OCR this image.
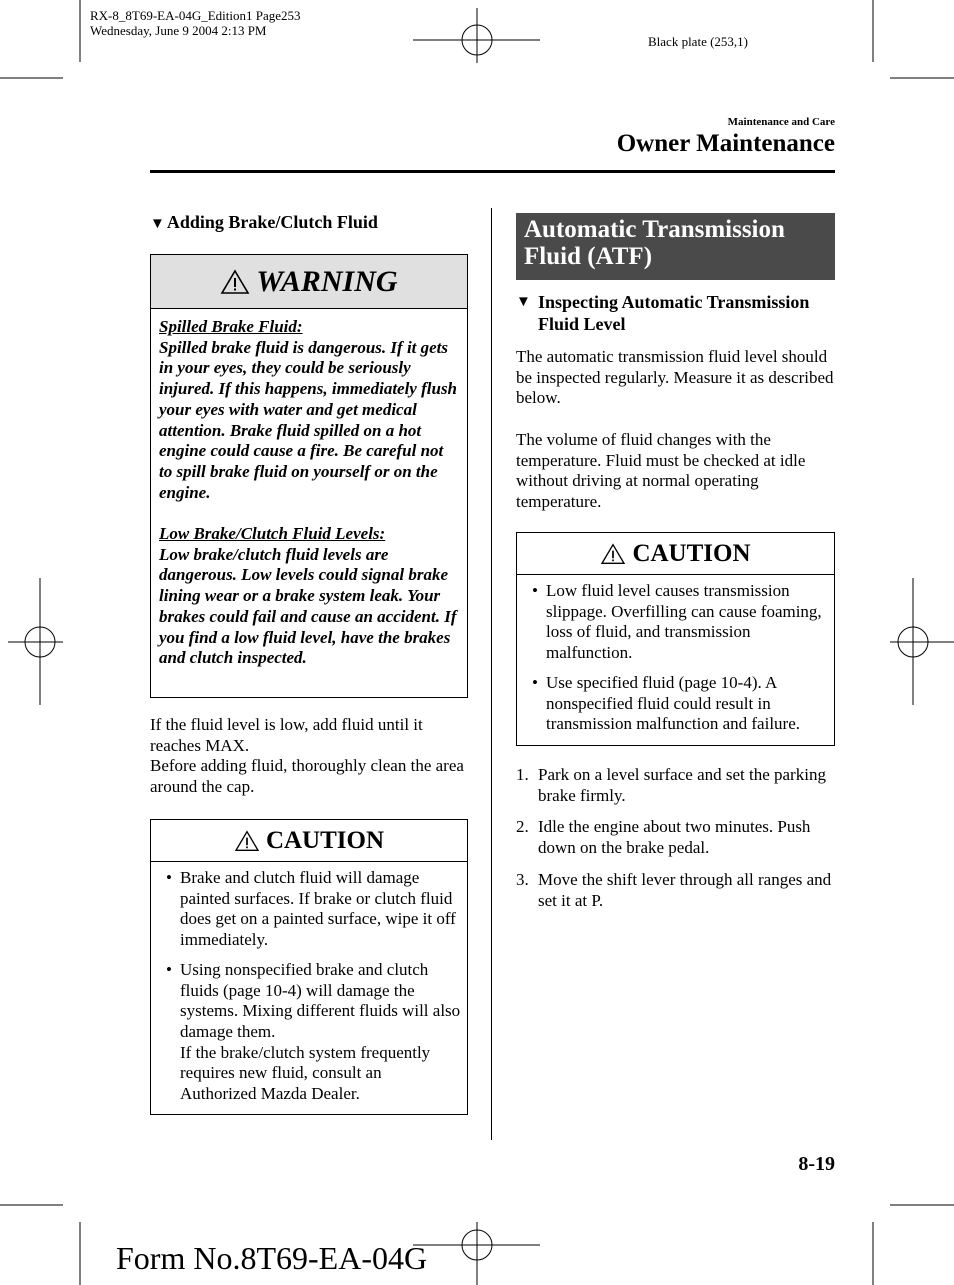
RX-8_8T69-EA-04G_Edition1 Page253
Wednesday, June 9 2004 2:13 PM
Black plate (253,1)
Maintenance and Care
Owner Maintenance
▼ Adding Brake/Clutch Fluid
WARNING

Spilled Brake Fluid:
Spilled brake fluid is dangerous. If it gets in your eyes, they could be seriously injured. If this happens, immediately flush your eyes with water and get medical attention. Brake fluid spilled on a hot engine could cause a fire. Be careful not to spill brake fluid on yourself or on the engine.

Low Brake/Clutch Fluid Levels:
Low brake/clutch fluid levels are dangerous. Low levels could signal brake lining wear or a brake system leak. Your brakes could fail and cause an accident. If you find a low fluid level, have the brakes and clutch inspected.

If the fluid level is low, add fluid until it reaches MAX.
Before adding fluid, thoroughly clean the area around the cap.
CAUTION
• Brake and clutch fluid will damage painted surfaces. If brake or clutch fluid does get on a painted surface, wipe it off immediately.
• Using nonspecified brake and clutch fluids (page 10-4) will damage the systems. Mixing different fluids will also damage them.
If the brake/clutch system frequently requires new fluid, consult an Authorized Mazda Dealer.
Automatic Transmission Fluid (ATF)
▼ Inspecting Automatic Transmission Fluid Level
The automatic transmission fluid level should be inspected regularly. Measure it as described below.
The volume of fluid changes with the temperature. Fluid must be checked at idle without driving at normal operating temperature.
CAUTION
• Low fluid level causes transmission slippage. Overfilling can cause foaming, loss of fluid, and transmission malfunction.
• Use specified fluid (page 10-4). A nonspecified fluid could result in transmission malfunction and failure.
1. Park on a level surface and set the parking brake firmly.
2. Idle the engine about two minutes. Push down on the brake pedal.
3. Move the shift lever through all ranges and set it at P.
8-19
Form No.8T69-EA-04G
